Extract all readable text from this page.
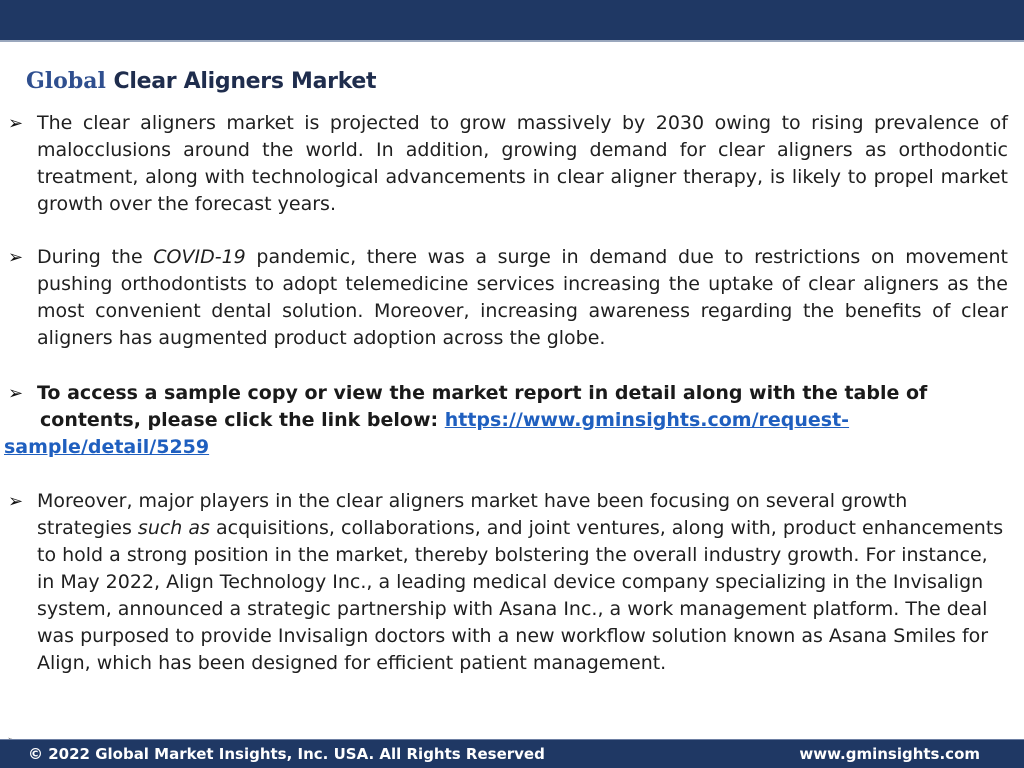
Global Clear Aligners Market
➢ The clear aligners market is projected to grow massively by 2030 owing to rising prevalence of malocclusions around the world. In addition, growing demand for clear aligners as orthodontic treatment, along with technological advancements in clear aligner therapy, is likely to propel market growth over the forecast years.
➢ During the COVID-19 pandemic, there was a surge in demand due to restrictions on movement pushing orthodontists to adopt telemedicine services increasing the uptake of clear aligners as the most convenient dental solution. Moreover, increasing awareness regarding the benefits of clear aligners has augmented product adoption across the globe.
➢ To access a sample copy or view the market report in detail along with the table of
contents, please click the link below: https://www.gminsights.com/request-
sample/detail/5259
➢ Moreover, major players in the clear aligners market have been focusing on several growth strategies such as acquisitions, collaborations, and joint ventures, along with, product enhancements to hold a strong position in the market, thereby bolstering the overall industry growth. For instance, in May 2022, Align Technology Inc., a leading medical device company specializing in the Invisalign system, announced a strategic partnership with Asana Inc., a work management platform. The deal was purposed to provide Invisalign doctors with a new workflow solution known as Asana Smiles for Align, which has been designed for efficient patient management.
© 2022 Global Market Insights, Inc. USA. All Rights Reserved	www.gminsights.com
